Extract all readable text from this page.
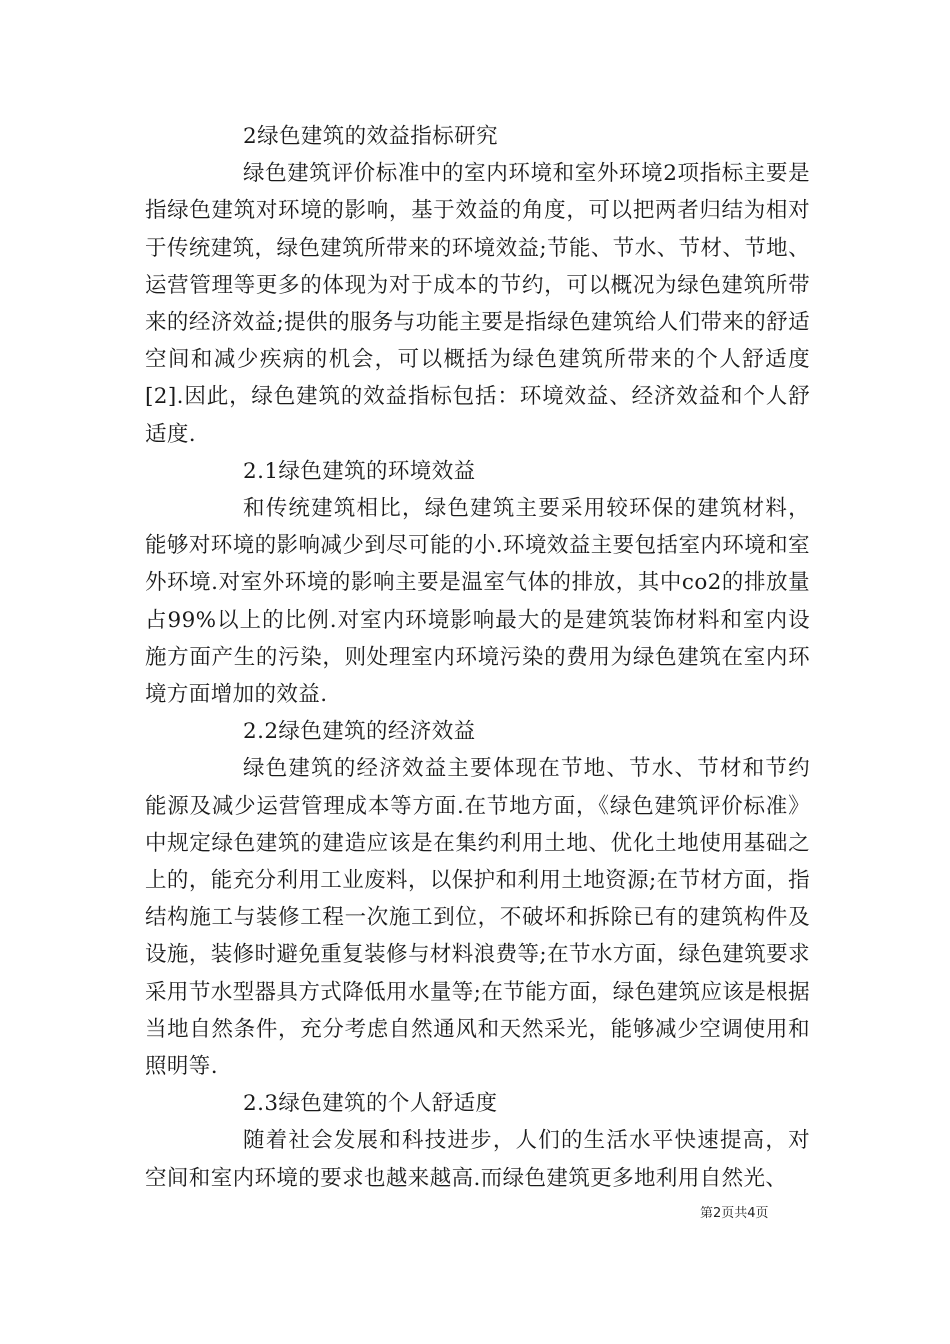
2绿色建筑的效益指标研究

绿色建筑评价标准中的室内环境和室外环境2项指标主要是指绿色建筑对环境的影响，基于效益的角度，可以把两者归结为相对于传统建筑，绿色建筑所带来的环境效益;节能、节水、节材、节地、运营管理等更多的体现为对于成本的节约，可以概况为绿色建筑所带来的经济效益;提供的服务与功能主要是指绿色建筑给人们带来的舒适空间和减少疾病的机会，可以概括为绿色建筑所带来的个人舒适度[2].因此，绿色建筑的效益指标包括：环境效益、经济效益和个人舒适度.

2.1绿色建筑的环境效益

和传统建筑相比，绿色建筑主要采用较环保的建筑材料，能够对环境的影响减少到尽可能的小.环境效益主要包括室内环境和室外环境.对室外环境的影响主要是温室气体的排放，其中co2的排放量占99%以上的比例.对室内环境影响最大的是建筑装饰材料和室内设施方面产生的污染，则处理室内环境污染的费用为绿色建筑在室内环境方面增加的效益.

2.2绿色建筑的经济效益

绿色建筑的经济效益主要体现在节地、节水、节材和节约能源及减少运营管理成本等方面.在节地方面，《绿色建筑评价标准》中规定绿色建筑的建造应该是在集约利用土地、优化土地使用基础之上的，能充分利用工业废料，以保护和利用土地资源;在节材方面，指结构施工与装修工程一次施工到位，不破坏和拆除已有的建筑构件及设施，装修时避免重复装修与材料浪费等;在节水方面，绿色建筑要求采用节水型器具方式降低用水量等;在节能方面，绿色建筑应该是根据当地自然条件，充分考虑自然通风和天然采光，能够减少空调使用和照明等.

2.3绿色建筑的个人舒适度

随着社会发展和科技进步，人们的生活水平快速提高，对空间和室内环境的要求也越来越高.而绿色建筑更多地利用自然光、

第2页共4页
